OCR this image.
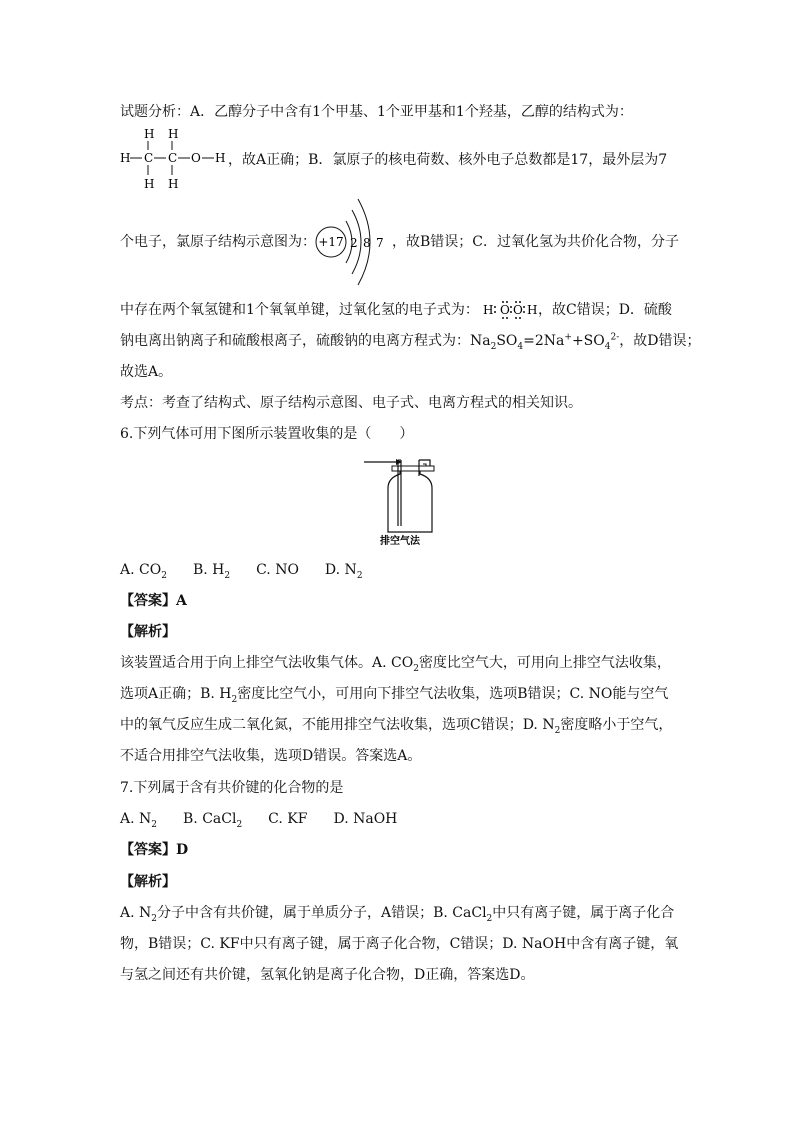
试题分析：A．乙醇分子中含有1个甲基、1个亚甲基和1个羟基，乙醇的结构式为：
H H
H C C O H
H H
，故A正确；B．氯原子的核电荷数、核外电子总数都是17，最外层为7
个电子，氯原子结构示意图为： +17 2 8 7 ，故B错误；C．过氧化氢为共价化合物，分子
中存在两个氧氢键和1个氧氧单键，过氧化氢的电子式为： H O O H ，故C错误；D．硫酸
钠电离出钠离子和硫酸根离子，硫酸钠的电离方程式为：$Na_2SO_4=2Na^++SO_4^{2-}$，故D错误；
故选A。
考点：考查了结构式、原子结构示意图、电子式、电离方程式的相关知识。
6.下列气体可用下图所示装置收集的是（　　）
排空气法
A. $CO_2$ B. $H_2$ C. NO D. $N_2$
【答案】A
【解析】
该装置适合用于向上排空气法收集气体。A. $CO_2$密度比空气大，可用向上排空气法收集，
选项A正确；B. $H_2$密度比空气小，可用向下排空气法收集，选项B错误；C. NO能与空气
中的氧气反应生成二氧化氮，不能用排空气法收集，选项C错误；D. $N_2$密度略小于空气，
不适合用排空气法收集，选项D错误。答案选A。
7.下列属于含有共价键的化合物的是
A. $N_2$ B. CaCl$_2$ C. KF D. NaOH
【答案】D
【解析】
A. $N_2$分子中含有共价键，属于单质分子，A错误；B. CaCl$_2$中只有离子键，属于离子化合
物，B错误；C. KF中只有离子键，属于离子化合物，C错误；D. NaOH中含有离子键，氧
与氢之间还有共价键，氢氧化钠是离子化合物，D正确，答案选D。
